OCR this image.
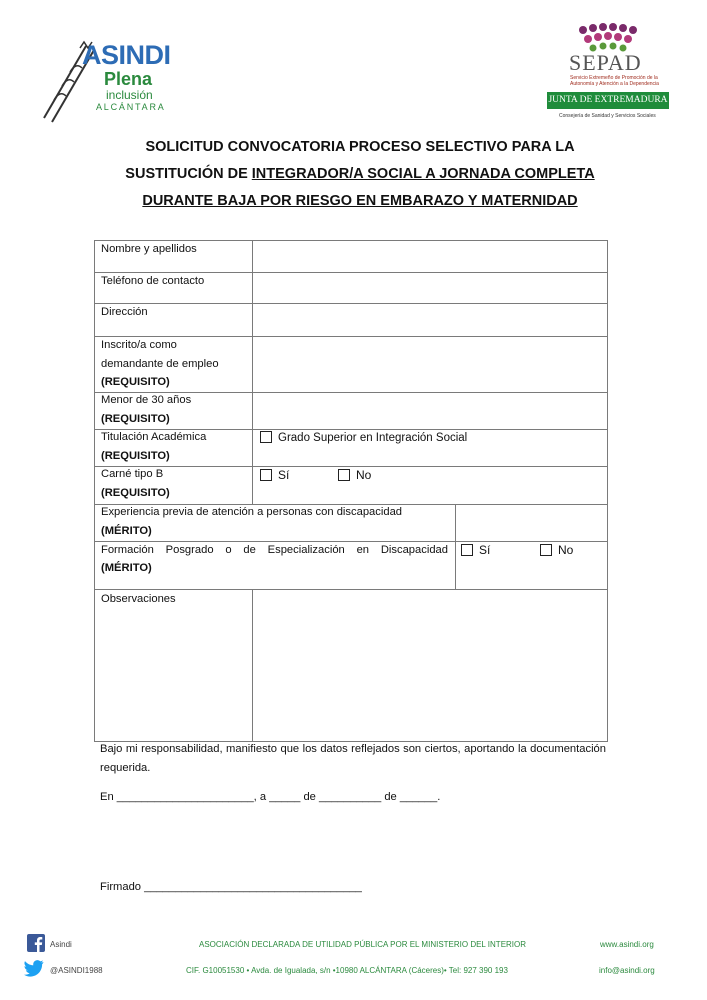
ASINDI
Plena
inclusión
ALCÁNTARA
SEPAD
Servicio Extremeño de Promoción de la Autonomía y Atención a la Dependencia
JUNTA DE EXTREMADURA
Consejería de Sanidad y Servicios Sociales
SOLICITUD CONVOCATORIA PROCESO SELECTIVO PARA LA
SUSTITUCIÓN DE INTEGRADOR/A SOCIAL A JORNADA COMPLETA
DURANTE BAJA POR RIESGO EN EMBARAZO Y MATERNIDAD
Nombre y apellidos
Teléfono de contacto
Dirección
Inscrito/a como
demandante de empleo
(REQUISITO)
Menor de 30 años
(REQUISITO)
Titulación Académica
(REQUISITO)
Grado Superior en Integración Social
Carné tipo B
(REQUISITO)
Sí	No
Experiencia previa de atención a personas con discapacidad
(MÉRITO)
Formación Posgrado o de Especialización en Discapacidad
(MÉRITO)
Sí	No
Observaciones
Bajo mi responsabilidad, manifiesto que los datos reflejados son ciertos, aportando la documentación requerida.
En ______________________, a _____ de __________ de ______.
Firmado ___________________________________
Asindi
@ASINDI1988
ASOCIACIÓN DECLARADA DE UTILIDAD PÚBLICA POR EL MINISTERIO DEL INTERIOR
CIF. G10051530 • Avda. de Igualada, s/n •10980 ALCÁNTARA (Cáceres)• Tel: 927 390 193
www.asindi.org
info@asindi.org
